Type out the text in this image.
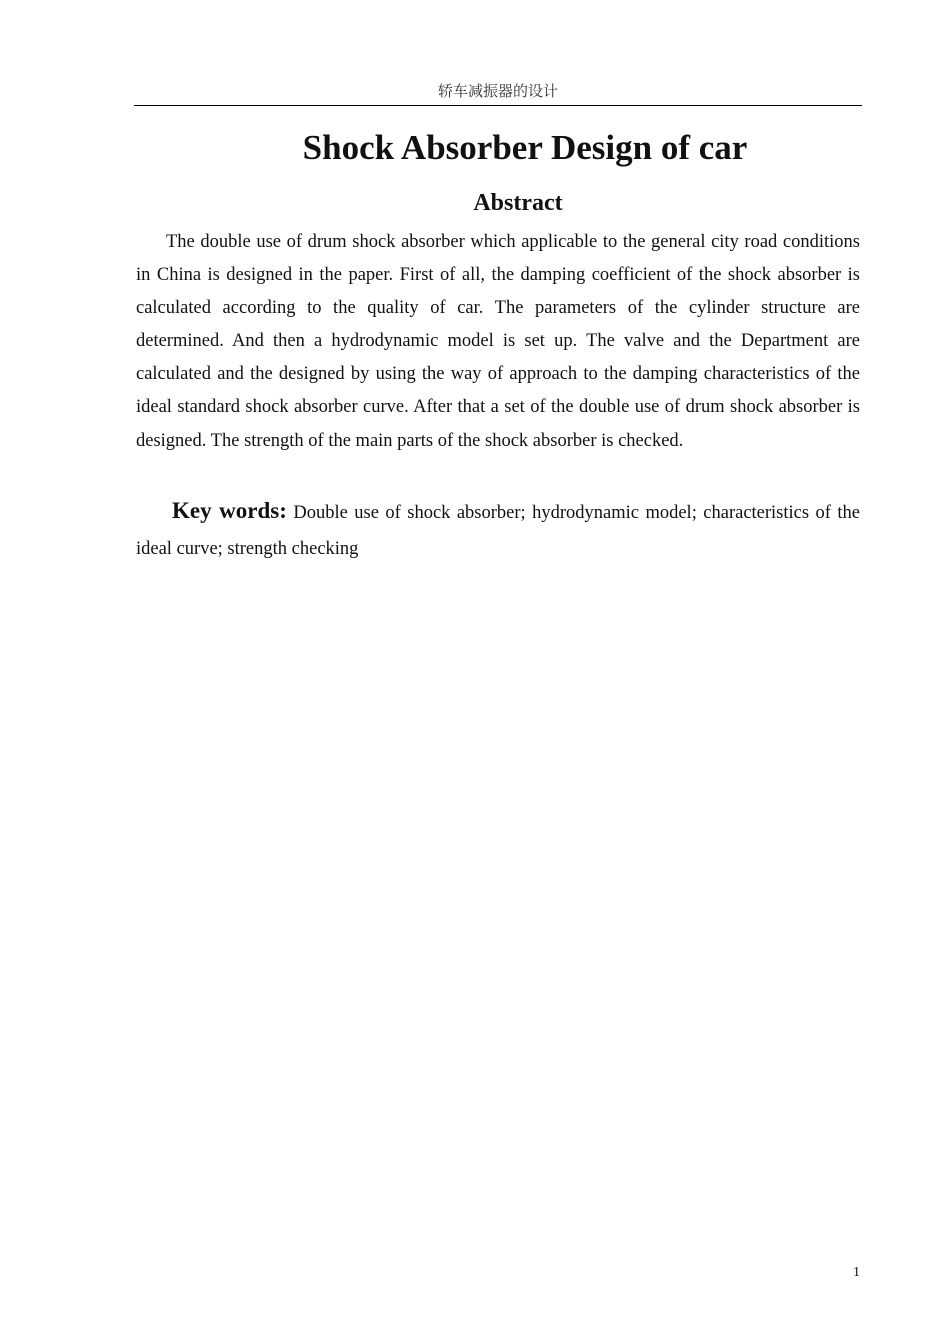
轿车减振器的设计
Shock Absorber Design of car
Abstract

The double use of drum shock absorber which applicable to the general city road conditions in China is designed in the paper. First of all, the damping coefficient of the shock absorber is calculated according to the quality of car. The parameters of the cylinder structure are determined. And then a hydrodynamic model is set up. The valve and the Department are calculated and the designed by using the way of approach to the damping characteristics of the ideal standard shock absorber curve. After that a set of the double use of drum shock absorber is designed. The strength of the main parts of the shock absorber is checked.

Key words: Double use of shock absorber; hydrodynamic model; characteristics of the ideal curve; strength checking

1
